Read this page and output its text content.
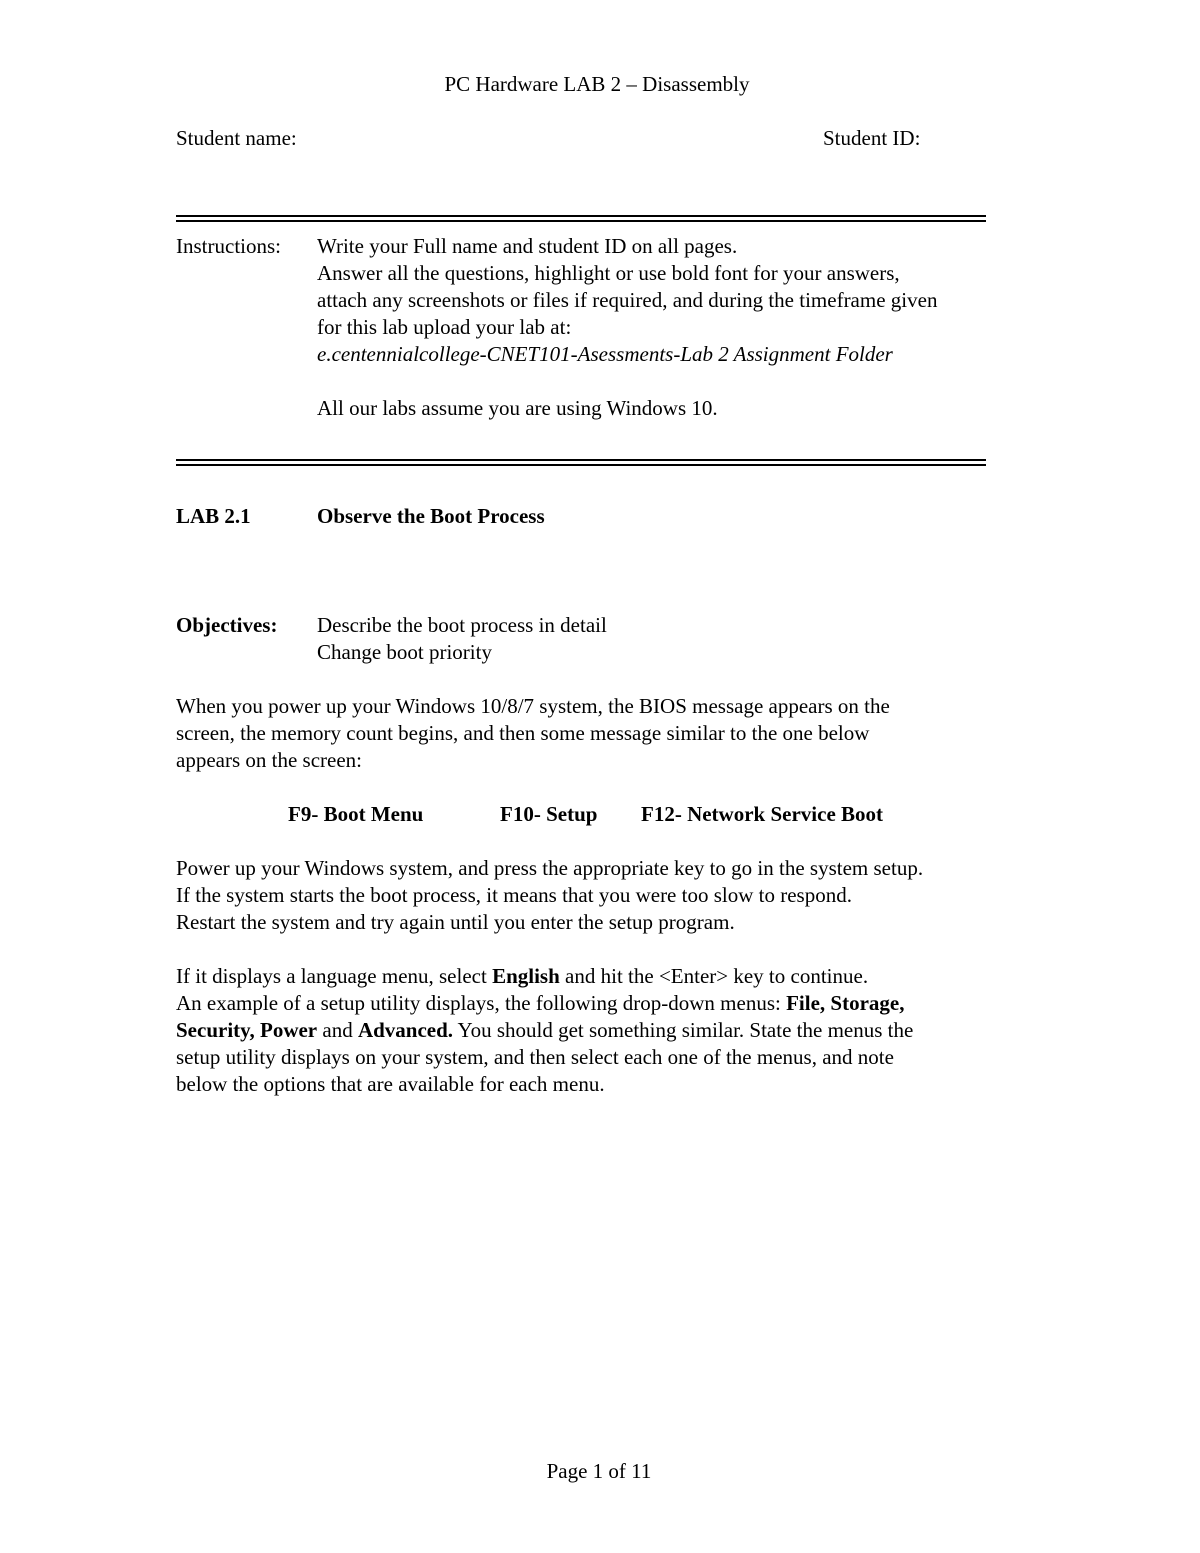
PC Hardware LAB 2 – Disassembly
Student name:	Student ID:
Instructions: Write your Full name and student ID on all pages.
Answer all the questions, highlight or use bold font for your answers,
attach any screenshots or files if required, and during the timeframe given
for this lab upload your lab at:
e.centennialcollege-CNET101-Asessments-Lab 2 Assignment Folder
All our labs assume you are using Windows 10.
LAB 2.1	Observe the Boot Process
Objectives: Describe the boot process in detail
Change boot priority
When you power up your Windows 10/8/7 system, the BIOS message appears on the
screen, the memory count begins, and then some message similar to the one below
appears on the screen:
F9- Boot Menu	F10- Setup F12- Network Service Boot
Power up your Windows system, and press the appropriate key to go in the system setup.
If the system starts the boot process, it means that you were too slow to respond.
Restart the system and try again until you enter the setup program.
If it displays a language menu, select English and hit the <Enter> key to continue.
An example of a setup utility displays, the following drop-down menus: File, Storage,
Security, Power and Advanced. You should get something similar. State the menus the
setup utility displays on your system, and then select each one of the menus, and note
below the options that are available for each menu.
Page 1 of 11
